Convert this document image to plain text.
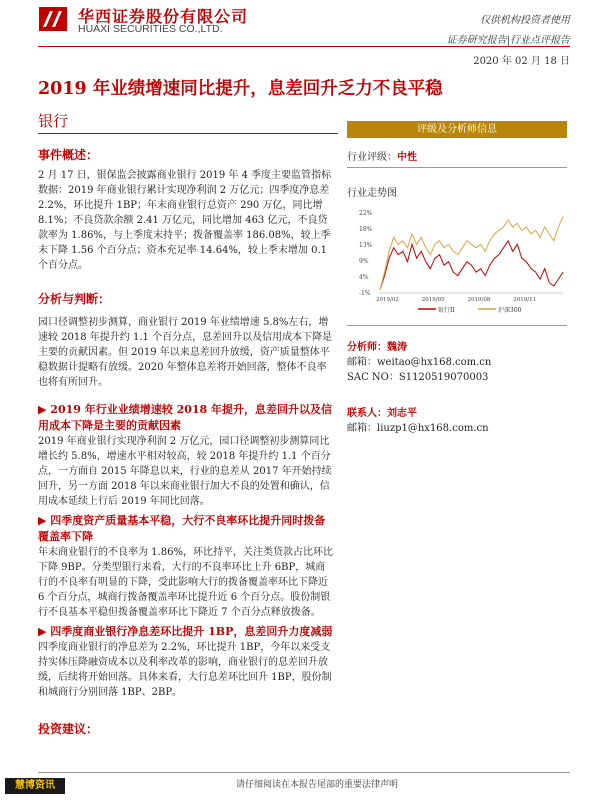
华西证券股份有限公司
HUAXI SECURITIES CO.,LTD.
仅供机构投资者使用
证券研究报告|行业点评报告
2020 年 02 月 18 日
2019 年业绩增速同比提升，息差回升乏力不良平稳
银行
事件概述：
2 月 17 日，银保监会披露商业银行 2019 年 4 季度主要监管指标数据：2019 年商业银行累计实现净利润 2 万亿元；四季度净息差 2.2%，环比提升 1BP；年末商业银行总资产 290 万亿，同比增 8.1%；不良贷款余额 2.41 万亿元，同比增加 463 亿元，不良贷款率为 1.86%，与上季度末持平；拨备覆盖率 186.08%，较上季末下降 1.56 个百分点；资本充足率 14.64%，较上季末增加 0.1 个百分点。
分析与判断：
园口径调整初步测算，商业银行 2019 年业绩增速 5.8%左右，增速较 2018 年提升约 1.1 个百分点，息差回升以及信用成本下降是主要的贡献因素。但 2019 年以来息差回升放缓，资产质量整体平稳数据计提略有放缓。2020 年整体息差将开始回落，整体不良率也将有所回升。
▶ 2019 年行业业绩增速较 2018 年提升，息差回升以及信用成本下降是主要的贡献因素
2019 年商业银行实现净利润 2 万亿元，园口径调整初步测算同比增长约 5.8%，增速水平相对较高，较 2018 年提升约 1.1 个百分点，一方面自 2015 年降息以来，行业的息差从 2017 年开始持续回升，另一方面 2018 年以来商业银行加大不良的处置和确认，信用成本延续上行后 2019 年同比回落。
▶ 四季度资产质量基本平稳，大行不良率环比提升同时拨备覆盖率下降
年末商业银行的不良率为 1.86%，环比持平，关注类贷款占比环比下降 9BP。分类型银行来看，大行的不良率环比上升 6BP，城商行的不良率有明显的下降，受此影响大行的拨备覆盖率环比下降近 6 个百分点，城商行拨备覆盖率环比提升近 6 个百分点。股份制银行不良基本平稳但拨备覆盖率环比下降近 7 个百分点释放拨备。
▶ 四季度商业银行净息差环比提升 1BP，息差回升力度减弱
四季度商业银行的净息差为 2.2%，环比提升 1BP，今年以来受支持实体压降融资成本以及利率改革的影响，商业银行的息差回升放缓，后续将开始回落。具体来看，大行息差环比回升 1BP，股份制和城商行分别回落 1BP、2BP。
投资建议：
评级及分析师信息
行业评级：中性
行业走势图
22%
18%
13%
9%
4%
-1%
2019/02	2019/05	2019/08	2019/11
银行II	沪深300
分析师：魏涛
邮箱：weitao@hx168.com.cn
SAC NO：S1120519070003
联系人：刘志平
邮箱：liuzp1@hx168.com.cn
慧博资讯	请仔细阅读在本报告尾部的重要法律声明
